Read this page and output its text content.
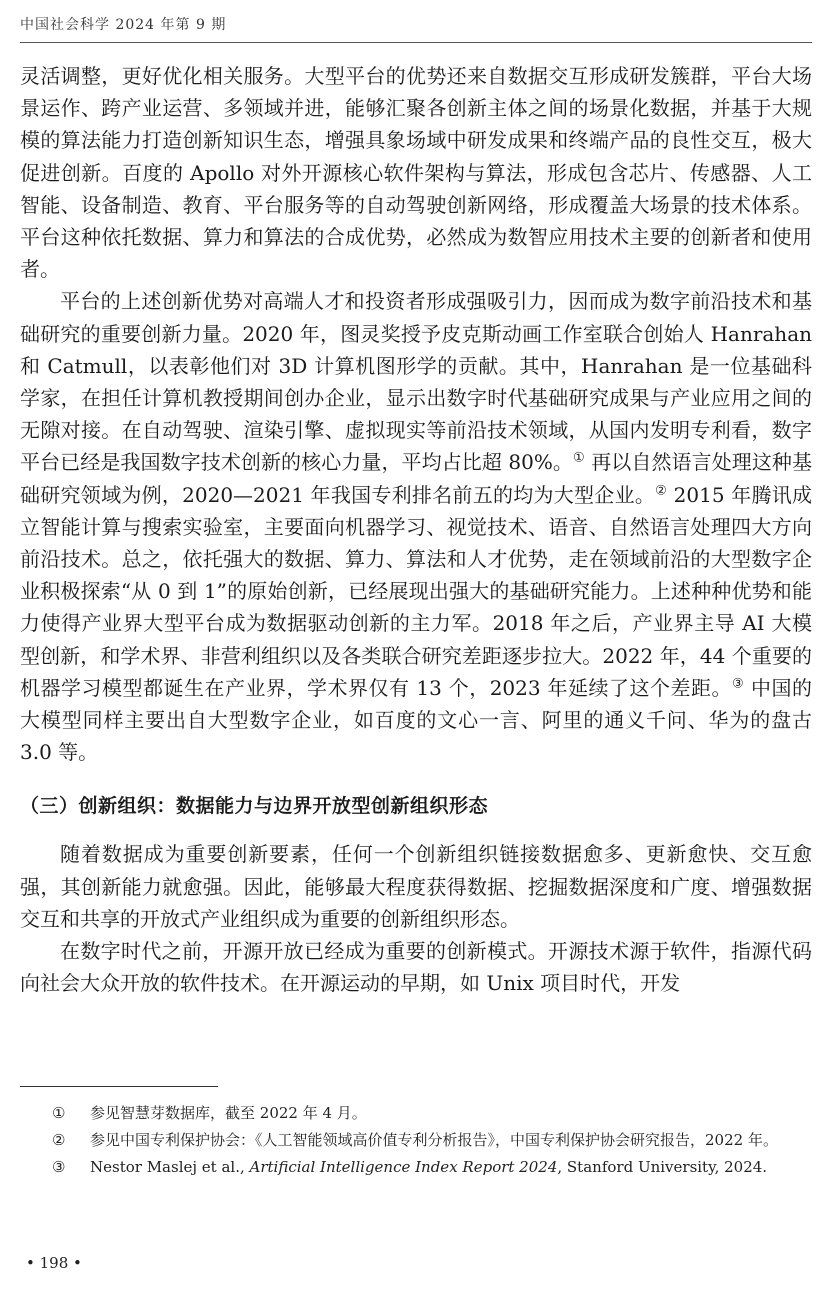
中国社会科学 2024 年第 9 期

灵活调整，更好优化相关服务。大型平台的优势还来自数据交互形成研发簇群，平台大场景运作、跨产业运营、多领域并进，能够汇聚各创新主体之间的场景化数据，并基于大规模的算法能力打造创新知识生态，增强具象场域中研发成果和终端产品的良性交互，极大促进创新。百度的 Apollo 对外开源核心软件架构与算法，形成包含芯片、传感器、人工智能、设备制造、教育、平台服务等的自动驾驶创新网络，形成覆盖大场景的技术体系。平台这种依托数据、算力和算法的合成优势，必然成为数智应用技术主要的创新者和使用者。

平台的上述创新优势对高端人才和投资者形成强吸引力，因而成为数字前沿技术和基础研究的重要创新力量。2020 年，图灵奖授予皮克斯动画工作室联合创始人 Hanrahan 和 Catmull，以表彰他们对 3D 计算机图形学的贡献。其中，Hanrahan 是一位基础科学家，在担任计算机教授期间创办企业，显示出数字时代基础研究成果与产业应用之间的无隙对接。在自动驾驶、渲染引擎、虚拟现实等前沿技术领域，从国内发明专利看，数字平台已经是我国数字技术创新的核心力量，平均占比超 80%。① 再以自然语言处理这种基础研究领域为例，2020—2021 年我国专利排名前五的均为大型企业。② 2015 年腾讯成立智能计算与搜索实验室，主要面向机器学习、视觉技术、语音、自然语言处理四大方向前沿技术。总之，依托强大的数据、算力、算法和人才优势，走在领域前沿的大型数字企业积极探索“从 0 到 1”的原始创新，已经展现出强大的基础研究能力。上述种种优势和能力使得产业界大型平台成为数据驱动创新的主力军。2018 年之后，产业界主导 AI 大模型创新，和学术界、非营利组织以及各类联合研究差距逐步拉大。2022 年，44 个重要的机器学习模型都诞生在产业界，学术界仅有 13 个，2023 年延续了这个差距。③ 中国的大模型同样主要出自大型数字企业，如百度的文心一言、阿里的通义千问、华为的盘古 3.0 等。

（三）创新组织：数据能力与边界开放型创新组织形态

随着数据成为重要创新要素，任何一个创新组织链接数据愈多、更新愈快、交互愈强，其创新能力就愈强。因此，能够最大程度获得数据、挖掘数据深度和广度、增强数据交互和共享的开放式产业组织成为重要的创新组织形态。

在数字时代之前，开源开放已经成为重要的创新模式。开源技术源于软件，指源代码向社会大众开放的软件技术。在开源运动的早期，如 Unix 项目时代，开发

①	参见智慧芽数据库，截至 2022 年 4 月。
②	参见中国专利保护协会：《人工智能领域高价值专利分析报告》，中国专利保护协会研究报告，2022 年。
③	Nestor Maslej et al., Artificial Intelligence Index Report 2024, Stanford University, 2024.
• 198 •
